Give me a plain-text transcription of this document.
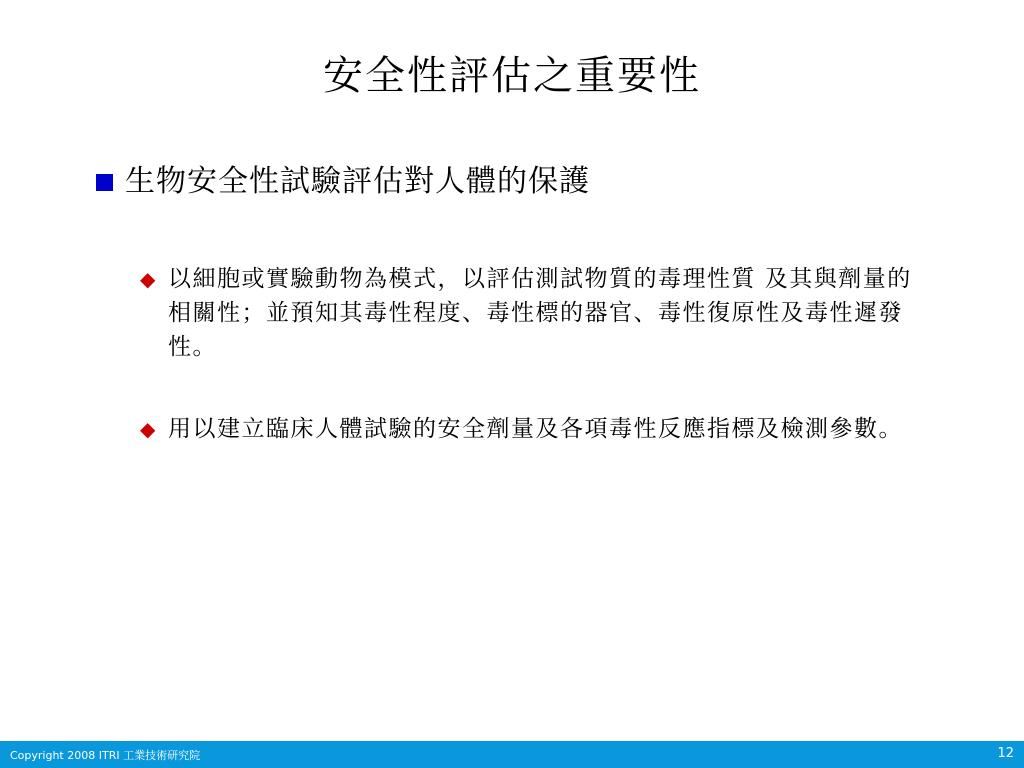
安全性評估之重要性
生物安全性試驗評估對人體的保護
◆ 以細胞或實驗動物為模式，以評估測試物質的毒理性質 及其與劑量的相關性；並預知其毒性程度、毒性標的器官、毒性復原性及毒性遲發性。
◆ 用以建立臨床人體試驗的安全劑量及各項毒性反應指標及檢測參數。
Copyright 2008 ITRI 工業技術研究院	12
